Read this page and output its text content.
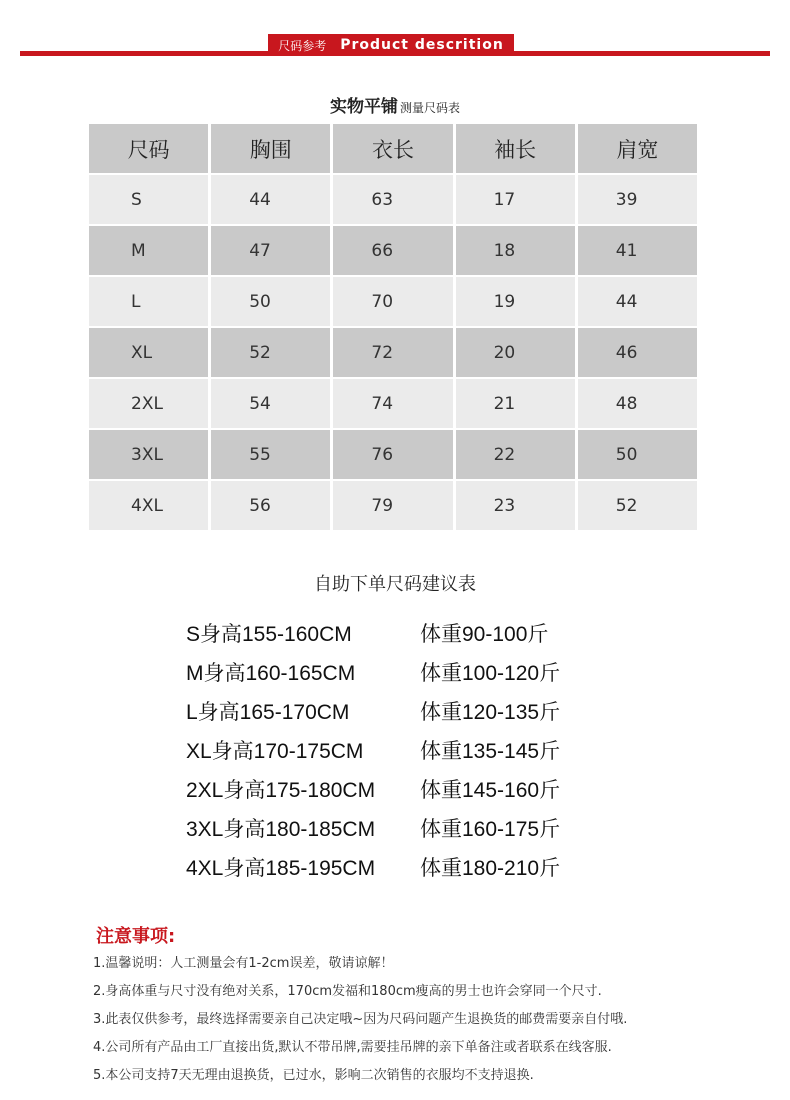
尺码参考 Product descrition
实物平铺 测量尺码表
尺码	胸围	衣长	袖长	肩宽
S	44	63	17	39
M	47	66	18	41
L	50	70	19	44
XL	52	72	20	46
2XL	54	74	21	48
3XL	55	76	22	50
4XL	56	79	23	52
自助下单尺码建议表
S身高155-160CM	体重90-100斤
M身高160-165CM	体重100-120斤
L身高165-170CM	体重120-135斤
XL身高170-175CM	体重135-145斤
2XL身高175-180CM 体重145-160斤
3XL身高180-185CM 体重160-175斤
4XL身高185-195CM 体重180-210斤
注意事项:
1.温馨说明：人工测量会有1-2cm误差，敬请谅解！
2.身高体重与尺寸没有绝对关系，170cm发福和180cm瘦高的男士也许会穿同一个尺寸.
3.此表仅供参考，最终选择需要亲自己决定哦~因为尺码问题产生退换货的邮费需要亲自付哦.
4.公司所有产品由工厂直接出货,默认不带吊牌,需要挂吊牌的亲下单备注或者联系在线客服.
5.本公司支持7天无理由退换货，已过水，影响二次销售的衣服均不支持退换.
